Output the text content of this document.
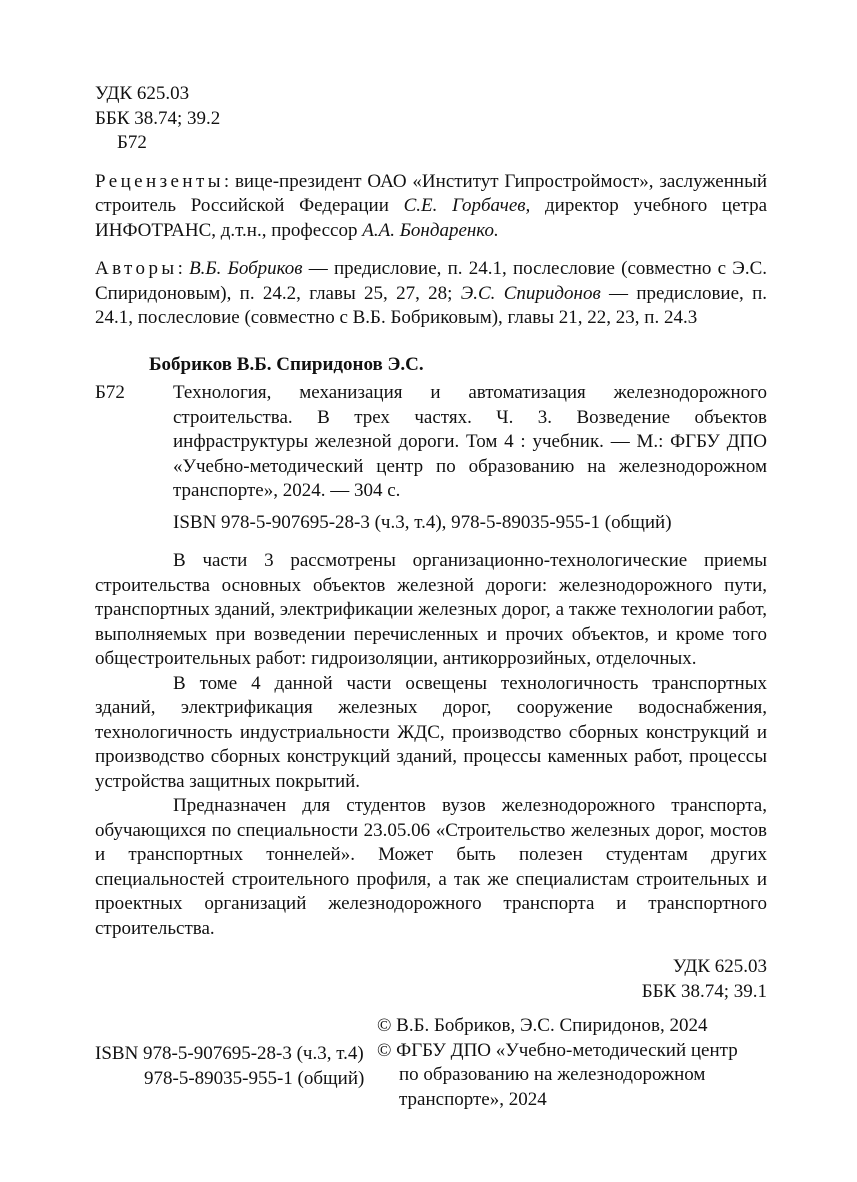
УДК 625.03
ББК 38.74; 39.2
Б72

Рецензенты: вице-президент ОАО «Институт Гипростроймост», заслуженный строитель Российской Федерации С.Е. Горбачев, директор учебного цетра ИНФОТРАНС, д.т.н., профессор А.А. Бондаренко.

Авторы: В.Б. Бобриков — предисловие, п. 24.1, послесловие (совместно с Э.С. Спиридоновым), п. 24.2, главы 25, 27, 28; Э.С. Спиридонов — предисловие, п. 24.1, послесловие (совместно с В.Б. Бобриковым), главы 21, 22, 23, п. 24.3

Бобриков В.Б. Спиридонов Э.С.
Б72	Технология, механизация и автоматизация железнодорожного строительства. В трех частях. Ч. 3. Возведение объектов инфраструктуры железной дороги. Том 4 : учебник. — М.: ФГБУ ДПО «Учебно-методический центр по образованию на железнодорожном транспорте», 2024. — 304 с.
ISBN 978-5-907695-28-3 (ч.3, т.4), 978-5-89035-955-1 (общий)

В части 3 рассмотрены организационно-технологические приемы строительства основных объектов железной дороги: железнодорожного пути, транспортных зданий, электрификации железных дорог, а также технологии работ, выполняемых при возведении перечисленных и прочих объектов, и кроме того общестроительных работ: гидроизоляции, антикоррозийных, отделочных.

В томе 4 данной части освещены технологичность транспортных зданий, электрификация железных дорог, сооружение водоснабжения, технологичность индустриальности ЖДС, производство сборных конструкций и производство сборных конструкций зданий, процессы каменных работ, процессы устройства защитных покрытий.

Предназначен для студентов вузов железнодорожного транспорта, обучающихся по специальности 23.05.06 «Строительство железных дорог, мостов и транспортных тоннелей». Может быть полезен студентам других специальностей строительного профиля, а так же специалистам строительных и проектных организаций железнодорожного транспорта и транспортного строительства.

УДК 625.03
ББК 38.74; 39.1
ISBN 978-5-907695-28-3 (ч.3, т.4)
978-5-89035-955-1 (общий)
© В.Б. Бобриков, Э.С. Спиридонов, 2024
© ФГБУ ДПО «Учебно-методический центр
по образованию на железнодорожном
транспорте», 2024
